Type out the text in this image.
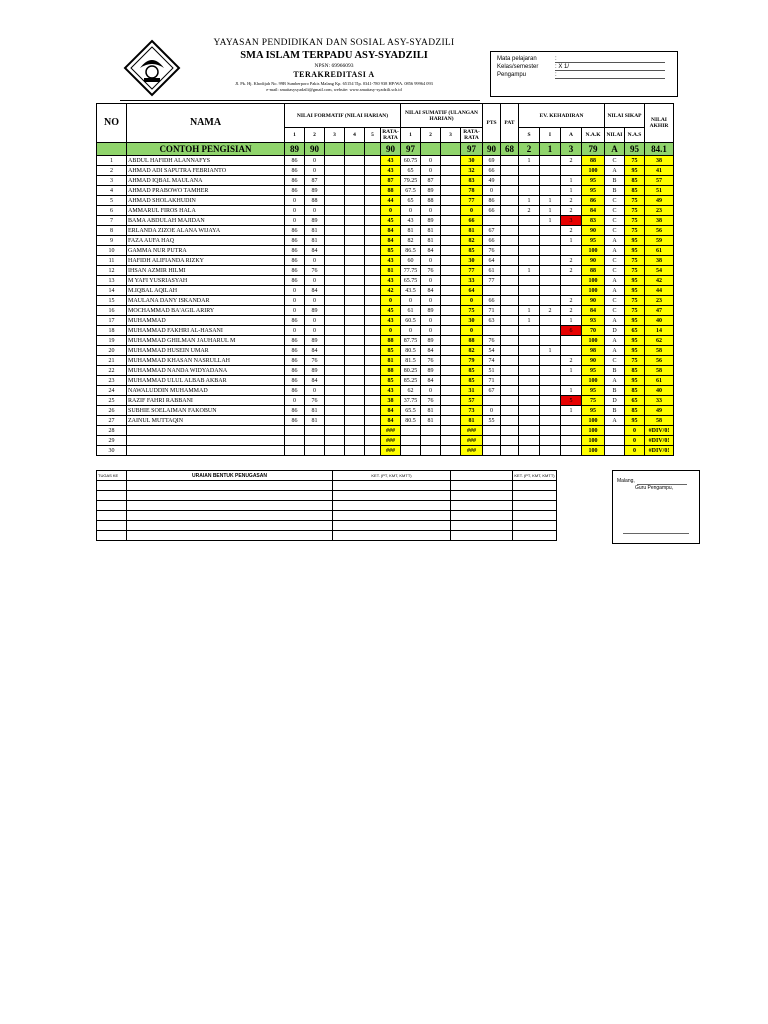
YAYASAN PENDIDIKAN DAN SOSIAL ASY-SYADZILI
SMA ISLAM TERPADU ASY-SYADZILI
NPSN: 69966093
TERAKREDITASI A
Jl. Pk. Hj. Khodijah No. 99B Sumberporo Pakis Malang Kp. 65154 Tlp. 0341-780 938 HP/WA. 0856 99964 093
e-mail: smaitasysyadzili@gmail.com, website: www.smaitasy-syadzili.sch.id
Mata pelajaran	:
Kelas/semester	: X 1/
Pengampu	:
NO	NAMA	NILAI FORMATIF (NILAI HARIAN)						NILAI SUMATIF (ULANGAN HARIAN)				PTS	PAT	EV. KEHADIRAN				NILAI SIKAP		NILAI AKHIR
		1	2	3	4	5	RATA-RATA	1	2	3	RATA-RATA			S	I	A	N.A.K	NILAI	N.A.S	
	CONTOH PENGISIAN	89	90				90	97			97	90	68	2	1	3	79	A	95	84.1
1	ABDUL HAFIDH ALANNAFYS	86	0				43	60.75	0		30	69		1		2	88	C	75	38
2	AHMAD ADI SAPUTRA FEBRIANTO	86	0				43	65	0		32	66					100	A	95	41
3	AHMAD IQBAL MAULANA	86	87				87	79.25	87		83	49				1	95	B	85	57
4	AHMAD PRABOWO TAMHER	86	89				88	67.5	89		78	0				1	95	B	85	51
5	AHMAD SHOLAKHUDIN	0	88				44	65	88		77	86		1	1	2	86	C	75	49
6	AMMARUL FIROS HALA	0	0				0	0	0		0	66		2	1	2	84	C	75	23
7	BAMA ABDULAH MAJIDAN	0	89				45	43	89		66				1	3	83	C	75	38
8	ERLANDA ZIZOE ALANA WIJAYA	86	81				84	81	81		81	67				2	90	C	75	56
9	FAZA AUFA HAQ	86	81				84	82	81		82	66				1	95	A	95	59
10	GAMMA NUR PUTRA	86	84				85	86.5	84		85	76					100	A	95	61
11	HAFIDH ALIFIANDA RIZKY	86	0				43	60	0		30	64				2	90	C	75	38
12	IHSAN AZMIR HILMI	86	76				81	77.75	76		77	61		1		2	88	C	75	54
13	M YAFI YUSRIASYAH	86	0				43	65.75	0		33	77					100	A	95	42
14	M.IQBAL AQILAH	0	84				42	43.5	84		64						100	A	95	44
15	MAULANA DANY ISKANDAR	0	0				0	0	0		0	66				2	90	C	75	23
16	MOCHAMMAD BA'AGIL ARIRY	0	89				45	61	89		75	71		1	2	2	84	C	75	47
17	MUHAMMAD	86	0				43	60.5	0		30	63		1		1	93	A	95	40
18	MUHAMMAD FAKHRI AL-HASANI	0	0				0	0	0		0					6	70	D	65	14
19	MUHAMMAD GHILMAN JAUHARUL M	86	89				88	87.75	89		88	76					100	A	95	62
20	MUHAMMAD HUSEIN UMAR	86	84				85	80.5	84		82	54			1		98	A	95	58
21	MUHAMMAD KHASAN NASRULLAH	86	76				81	81.5	76		79	74				2	90	C	75	56
22	MUHAMMAD NANDA WIDYADANA	86	89				88	80.25	89		85	51				1	95	B	85	58
23	MUHAMMAD ULUL ALBAB AKBAR	86	84				85	85.25	84		85	71					100	A	95	61
24	NAWALUDDIN MUHAMMAD	86	0				43	62	0		31	67				1	95	B	85	40
25	RAZIF FAHRI RABBANI	0	76				38	37.75	76		57					5	75	D	65	33
26	SUBHIE SOELAIMAN FAKOBUN	86	81				84	65.5	81		73	0				1	95	B	85	49
27	ZAINUL MUTTAQIN	86	81				84	80.5	81		81	55					100	A	95	58
28							###				###						100		0	#DIV/0!
29							###				###						100		0	#DIV/0!
30							###				###						100		0	#DIV/0!
TUGAS KE	URAIAN BENTUK PENUGASAN	KET. (PT, KMT, KMTT)		KET. (PT, KMT, KMTT)

Malang,
Guru Pengampu,
